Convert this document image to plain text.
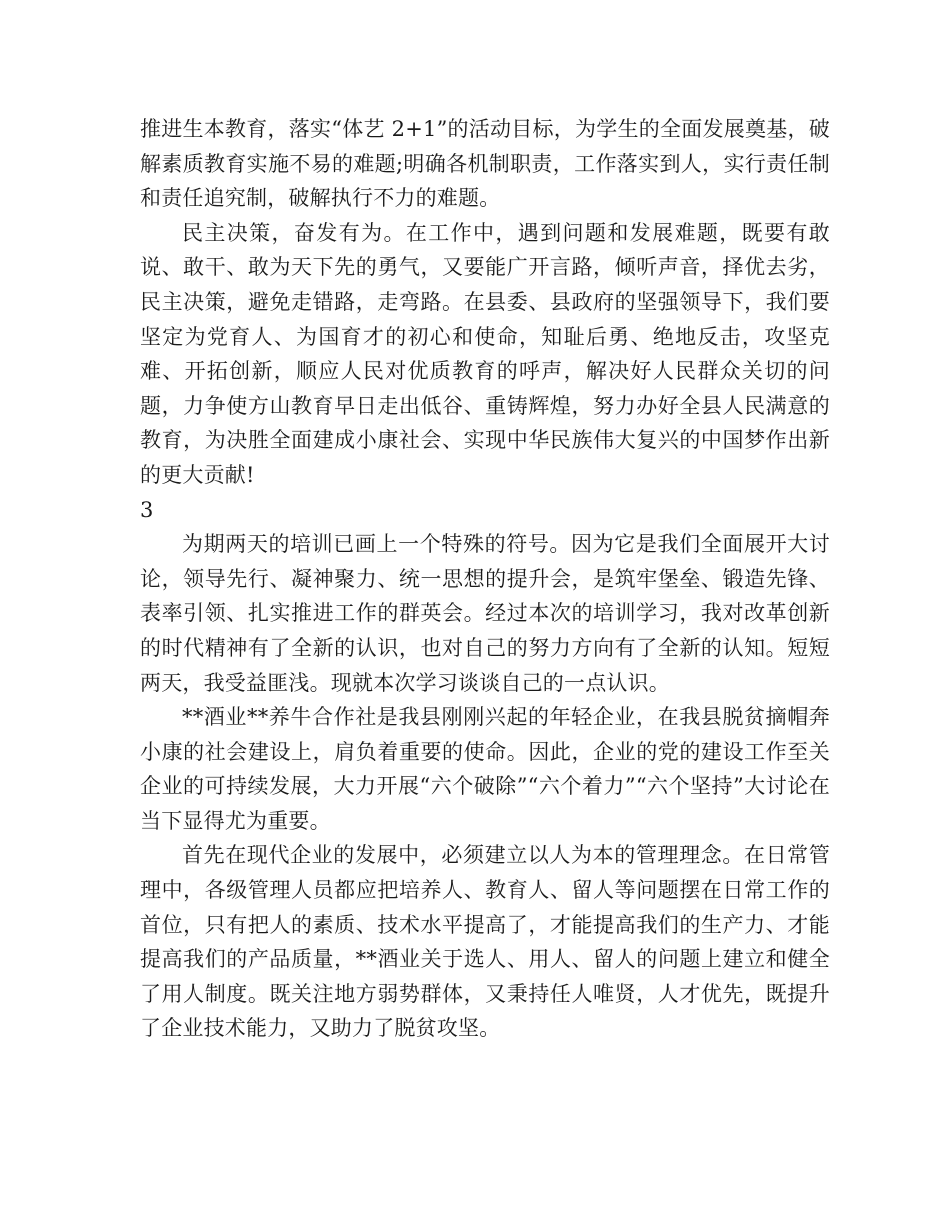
推进生本教育，落实“体艺 2+1”的活动目标，为学生的全面发展奠基，破解素质教育实施不易的难题;明确各机制职责，工作落实到人，实行责任制和责任追究制，破解执行不力的难题。

民主决策，奋发有为。在工作中，遇到问题和发展难题，既要有敢说、敢干、敢为天下先的勇气，又要能广开言路，倾听声音，择优去劣，民主决策，避免走错路，走弯路。在县委、县政府的坚强领导下，我们要坚定为党育人、为国育才的初心和使命，知耻后勇、绝地反击，攻坚克难、开拓创新，顺应人民对优质教育的呼声，解决好人民群众关切的问题，力争使方山教育早日走出低谷、重铸辉煌，努力办好全县人民满意的教育，为决胜全面建成小康社会、实现中华民族伟大复兴的中国梦作出新的更大贡献!

3

为期两天的培训已画上一个特殊的符号。因为它是我们全面展开大讨论，领导先行、凝神聚力、统一思想的提升会，是筑牢堡垒、锻造先锋、表率引领、扎实推进工作的群英会。经过本次的培训学习，我对改革创新的时代精神有了全新的认识，也对自己的努力方向有了全新的认知。短短两天，我受益匪浅。现就本次学习谈谈自己的一点认识。

**酒业**养牛合作社是我县刚刚兴起的年轻企业，在我县脱贫摘帽奔小康的社会建设上，肩负着重要的使命。因此，企业的党的建设工作至关企业的可持续发展，大力开展“六个破除”“六个着力”“六个坚持”大讨论在当下显得尤为重要。

首先在现代企业的发展中，必须建立以人为本的管理理念。在日常管理中，各级管理人员都应把培养人、教育人、留人等问题摆在日常工作的首位，只有把人的素质、技术水平提高了，才能提高我们的生产力、才能提高我们的产品质量，**酒业关于选人、用人、留人的问题上建立和健全了用人制度。既关注地方弱势群体，又秉持任人唯贤，人才优先，既提升了企业技术能力，又助力了脱贫攻坚。
